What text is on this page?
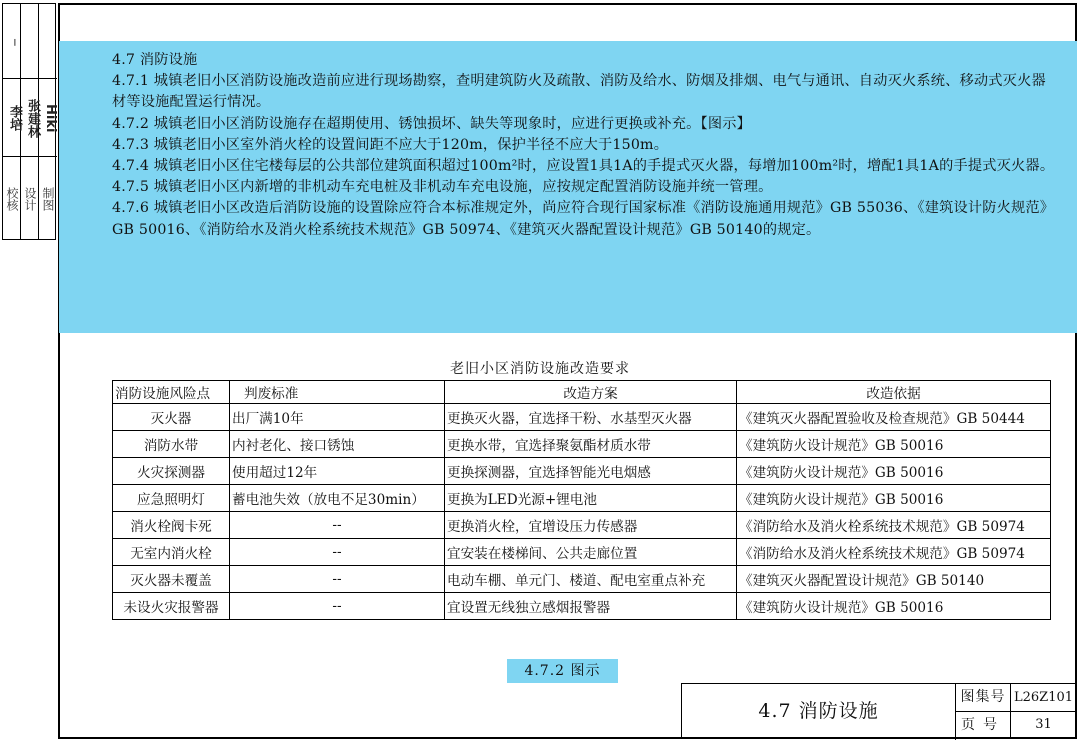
校核 设计 制图
李培 张建林 Hiki
─

4.7 消防设施

4.7.1 城镇老旧小区消防设施改造前应进行现场勘察，查明建筑防火及疏散、消防及给水、防烟及排烟、电气与通讯、自动灭火系统、移动式灭火器材等设施配置运行情况。

4.7.2 城镇老旧小区消防设施存在超期使用、锈蚀损坏、缺失等现象时，应进行更换或补充。【图示】

4.7.3 城镇老旧小区室外消火栓的设置间距不应大于120m，保护半径不应大于150m。

4.7.4 城镇老旧小区住宅楼每层的公共部位建筑面积超过100m²时，应设置1具1A的手提式灭火器，每增加100m²时，增配1具1A的手提式灭火器。

4.7.5 城镇老旧小区内新增的非机动车充电桩及非机动车充电设施，应按规定配置消防设施并统一管理。

4.7.6 城镇老旧小区改造后消防设施的设置除应符合本标准规定外，尚应符合现行国家标准《消防设施通用规范》GB 55036、《建筑设计防火规范》GB 50016、《消防给水及消火栓系统技术规范》GB 50974、《建筑灭火器配置设计规范》GB 50140的规定。

老旧小区消防设施改造要求
消防设施风险点	判废标准	改造方案	改造依据
灭火器	出厂满10年	更换灭火器，宜选择干粉、水基型灭火器	《建筑灭火器配置验收及检查规范》GB 50444
消防水带	内衬老化、接口锈蚀	更换水带，宜选择聚氨酯材质水带	《建筑防火设计规范》GB 50016
火灾探测器	使用超过12年	更换探测器，宜选择智能光电烟感	《建筑防火设计规范》GB 50016
应急照明灯	蓄电池失效（放电不足30min）	更换为LED光源+锂电池	《建筑防火设计规范》GB 50016
消火栓阀卡死	--	更换消火栓，宜增设压力传感器	《消防给水及消火栓系统技术规范》GB 50974
无室内消火栓	--	宜安装在楼梯间、公共走廊位置	《消防给水及消火栓系统技术规范》GB 50974
灭火器未覆盖	--	电动车棚、单元门、楼道、配电室重点补充	《建筑灭火器配置设计规范》GB 50140
未设火灾报警器	--	宜设置无线独立感烟报警器	《建筑防火设计规范》GB 50016
4.7.2 图示
4.7 消防设施
图集号 L26Z101
页号	31
